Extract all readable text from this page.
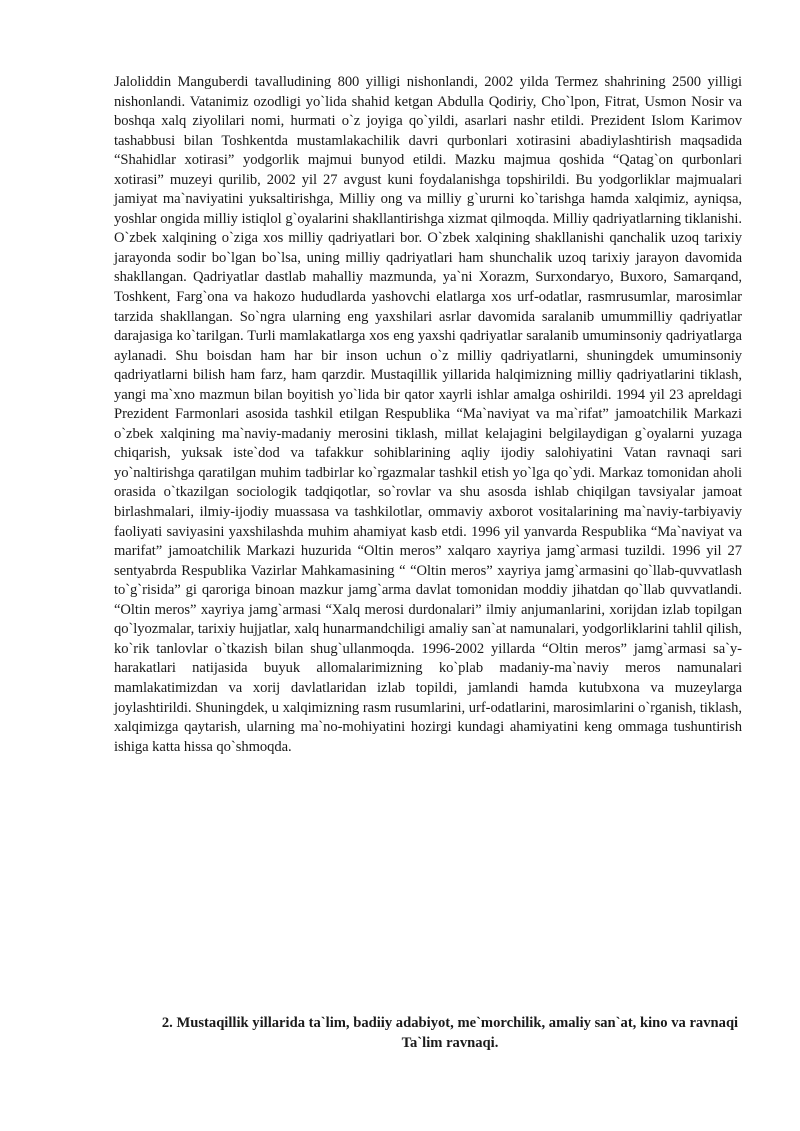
Jaloliddin Manguberdi tavalludining 800 yilligi nishonlandi, 2002 yilda Termez shahrining 2500 yilligi nishonlandi. Vatanimiz ozodligi yo`lida shahid ketgan Abdulla Qodiriy, Cho`lpon, Fitrat, Usmon Nosir va boshqa xalq ziyolilari nomi, hurmati o`z joyiga qo`yildi, asarlari nashr etildi. Prezident Islom Karimov tashabbusi bilan Toshkentda mustamlakachilik davri qurbonlari xotirasini abadiylashtirish maqsadida “Shahidlar xotirasi” yodgorlik majmui bunyod etildi. Mazku majmua qoshida “Qatag`on qurbonlari xotirasi” muzeyi qurilib, 2002 yil 27 avgust kuni foydalanishga topshirildi. Bu yodgorliklar majmualari jamiyat ma`naviyatini yuksaltirishga, Milliy ong va milliy g`ururni ko`tarishga hamda xalqimiz, ayniqsa, yoshlar ongida milliy istiqlol g`oyalarini shakllantirishga xizmat qilmoqda. Milliy qadriyatlarning tiklanishi. O`zbek xalqining o`ziga xos milliy qadriyatlari bor. O`zbek xalqining shakllanishi qanchalik uzoq tarixiy jarayonda sodir bo`lgan bo`lsa, uning milliy qadriyatlari ham shunchalik uzoq tarixiy jarayon davomida shakllangan. Qadriyatlar dastlab mahalliy mazmunda, ya`ni Xorazm, Surxondaryo, Buxoro, Samarqand, Toshkent, Farg`ona va hakozo hududlarda yashovchi elatlarga xos urf-odatlar, rasmrusumlar, marosimlar tarzida shakllangan. So`ngra ularning eng yaxshilari asrlar davomida saralanib umummilliy qadriyatlar darajasiga ko`tarilgan. Turli mamlakatlarga xos eng yaxshi qadriyatlar saralanib umuminsoniy qadriyatlarga aylanadi. Shu boisdan ham har bir inson uchun o`z milliy qadriyatlarni, shuningdek umuminsoniy qadriyatlarni bilish ham farz, ham qarzdir. Mustaqillik yillarida halqimizning milliy qadriyatlarini tiklash, yangi ma`xno mazmun bilan boyitish yo`lida bir qator xayrli ishlar amalga oshirildi. 1994 yil 23 apreldagi Prezident Farmonlari asosida tashkil etilgan Respublika “Ma`naviyat va ma`rifat” jamoatchilik Markazi o`zbek xalqining ma`naviy-madaniy merosini tiklash, millat kelajagini belgilaydigan g`oyalarni yuzaga chiqarish, yuksak iste`dod va tafakkur sohiblarining aqliy ijodiy salohiyatini Vatan ravnaqi sari yo`naltirishga qaratilgan muhim tadbirlar ko`rgazmalar tashkil etish yo`lga qo`ydi. Markaz tomonidan aholi orasida o`tkazilgan sociologik tadqiqotlar, so`rovlar va shu asosda ishlab chiqilgan tavsiyalar jamoat birlashmalari, ilmiy-ijodiy muassasa va tashkilotlar, ommaviy axborot vositalarining ma`naviy-tarbiyaviy faoliyati saviyasini yaxshilashda muhim ahamiyat kasb etdi. 1996 yil yanvarda Respublika “Ma`naviyat va marifat” jamoatchilik Markazi huzurida “Oltin meros” xalqaro xayriya jamg`armasi tuzildi. 1996 yil 27 sentyabrda Respublika Vazirlar Mahkamasining “ “Oltin meros” xayriya jamg`armasini qo`llab-quvvatlash to`g`risida” gi qaroriga binoan mazkur jamg`arma davlat tomonidan moddiy jihatdan qo`llab quvvatlandi. “Oltin meros” xayriya jamg`armasi “Xalq merosi durdonalari” ilmiy anjumanlarini, xorijdan izlab topilgan qo`lyozmalar, tarixiy hujjatlar, xalq hunarmandchiligi amaliy san`at namunalari, yodgorliklarini tahlil qilish, ko`rik tanlovlar o`tkazish bilan shug`ullanmoqda. 1996-2002 yillarda “Oltin meros” jamg`armasi sa`y-harakatlari natijasida buyuk allomalarimizning ko`plab madaniy-ma`naviy meros namunalari mamlakatimizdan va xorij davlatlaridan izlab topildi, jamlandi hamda kutubxona va muzeylarga joylashtirildi. Shuningdek, u xalqimizning rasm rusumlarini, urf-odatlarini, marosimlarini o`rganish, tiklash, xalqimizga qaytarish, ularning ma`no-mohiyatini hozirgi kundagi ahamiyatini keng ommaga tushuntirish ishiga katta hissa qo`shmoqda.

2. Mustaqillik yillarida ta`lim, badiiy adabiyot, me`morchilik, amaliy san`at, kino va ravnaqi Ta`lim ravnaqi.
